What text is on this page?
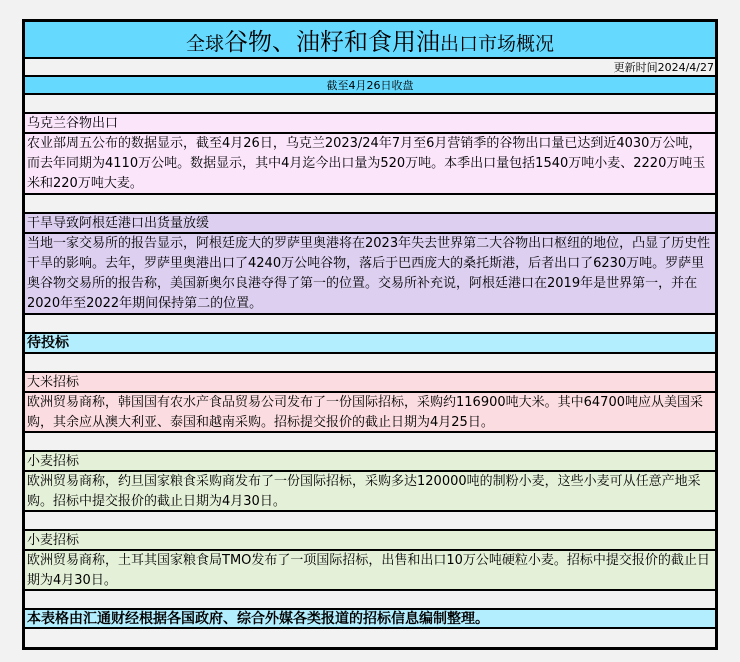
全球谷物、油籽和食用油出口市场概况
更新时间2024/4/27
截至4月26日收盘
乌克兰谷物出口
农业部周五公布的数据显示，截至4月26日，乌克兰2023/24年7月至6月营销季的谷物出口量已达到近4030万公吨，而去年同期为4110万公吨。数据显示，其中4月迄今出口量为520万吨。本季出口量包括1540万吨小麦、2220万吨玉米和220万吨大麦。
干旱导致阿根廷港口出货量放缓
当地一家交易所的报告显示，阿根廷庞大的罗萨里奥港将在2023年失去世界第二大谷物出口枢纽的地位，凸显了历史性干旱的影响。去年，罗萨里奥港出口了4240万公吨谷物，落后于巴西庞大的桑托斯港，后者出口了6230万吨。罗萨里奥谷物交易所的报告称，美国新奥尔良港夺得了第一的位置。交易所补充说，阿根廷港口在2019年是世界第一，并在2020年至2022年期间保持第二的位置。
待投标
大米招标
欧洲贸易商称，韩国国有农水产食品贸易公司发布了一份国际招标，采购约116900吨大米。其中64700吨应从美国采购，其余应从澳大利亚、泰国和越南采购。招标提交报价的截止日期为4月25日。
小麦招标
欧洲贸易商称，约旦国家粮食采购商发布了一份国际招标，采购多达120000吨的制粉小麦，这些小麦可从任意产地采购。招标中提交报价的截止日期为4月30日。
小麦招标
欧洲贸易商称，土耳其国家粮食局TMO发布了一项国际招标，出售和出口10万公吨硬粒小麦。招标中提交报价的截止日期为4月30日。
本表格由汇通财经根据各国政府、综合外媒各类报道的招标信息编制整理。
